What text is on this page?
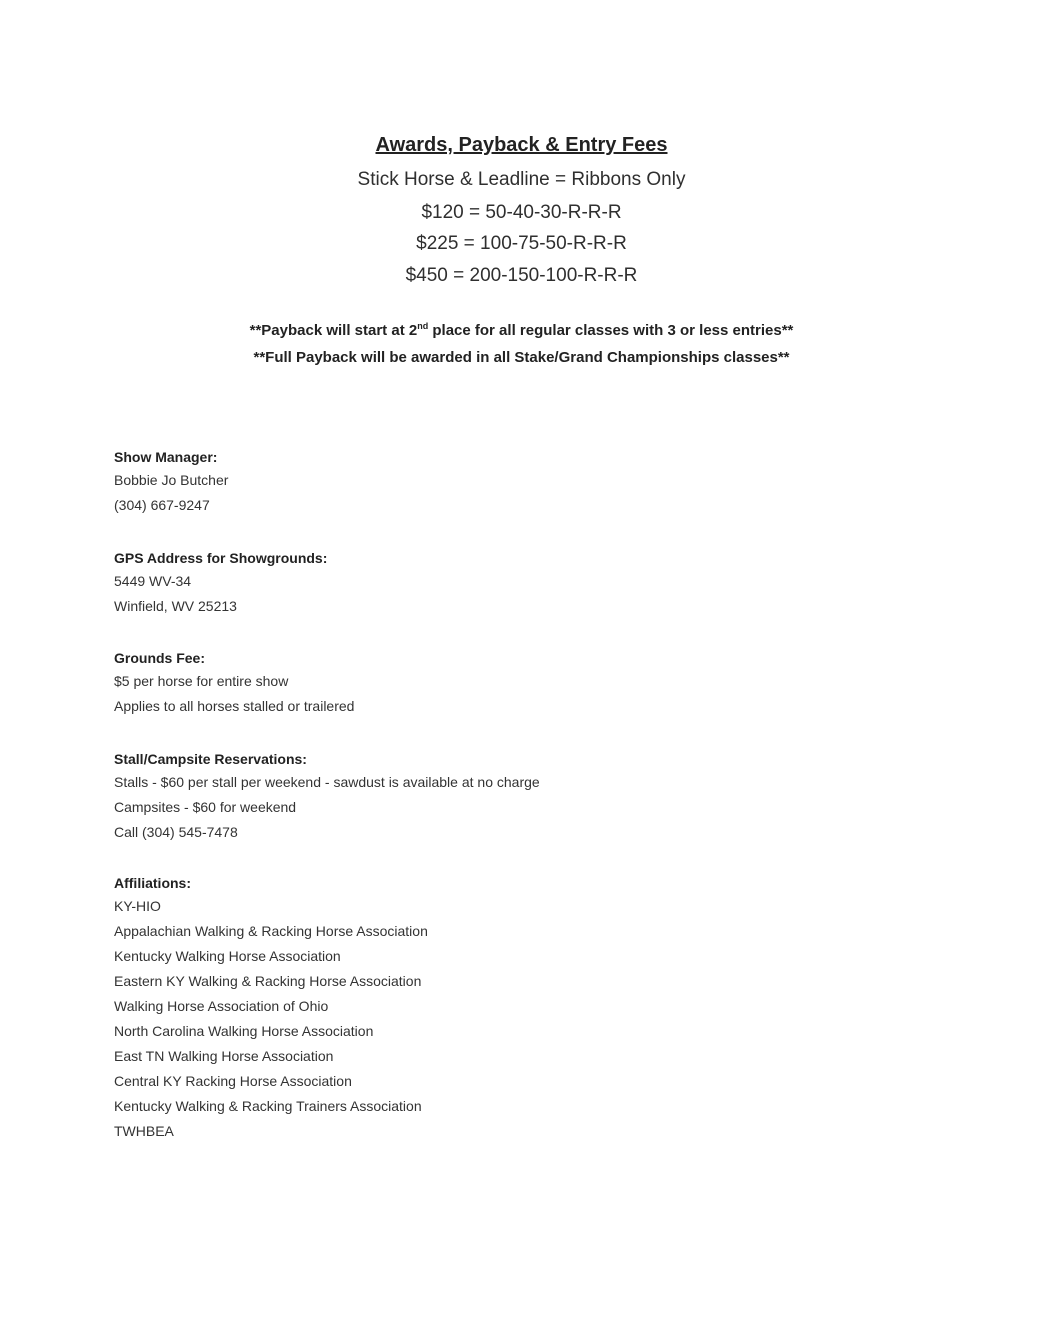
Awards, Payback & Entry Fees
Stick Horse & Leadline = Ribbons Only
$120 = 50-40-30-R-R-R
$225 = 100-75-50-R-R-R
$450 = 200-150-100-R-R-R
**Payback will start at 2nd place for all regular classes with 3 or less entries**
**Full Payback will be awarded in all Stake/Grand Championships classes**
Show Manager:
Bobbie Jo Butcher
(304) 667-9247
GPS Address for Showgrounds:
5449 WV-34
Winfield, WV 25213
Grounds Fee:
$5 per horse for entire show
Applies to all horses stalled or trailered
Stall/Campsite Reservations:
Stalls - $60 per stall per weekend - sawdust is available at no charge
Campsites - $60 for weekend
Call (304) 545-7478
Affiliations:
KY-HIO
Appalachian Walking & Racking Horse Association
Kentucky Walking Horse Association
Eastern KY Walking & Racking Horse Association
Walking Horse Association of Ohio
North Carolina Walking Horse Association
East TN Walking Horse Association
Central KY Racking Horse Association
Kentucky Walking & Racking Trainers Association
TWHBEA
